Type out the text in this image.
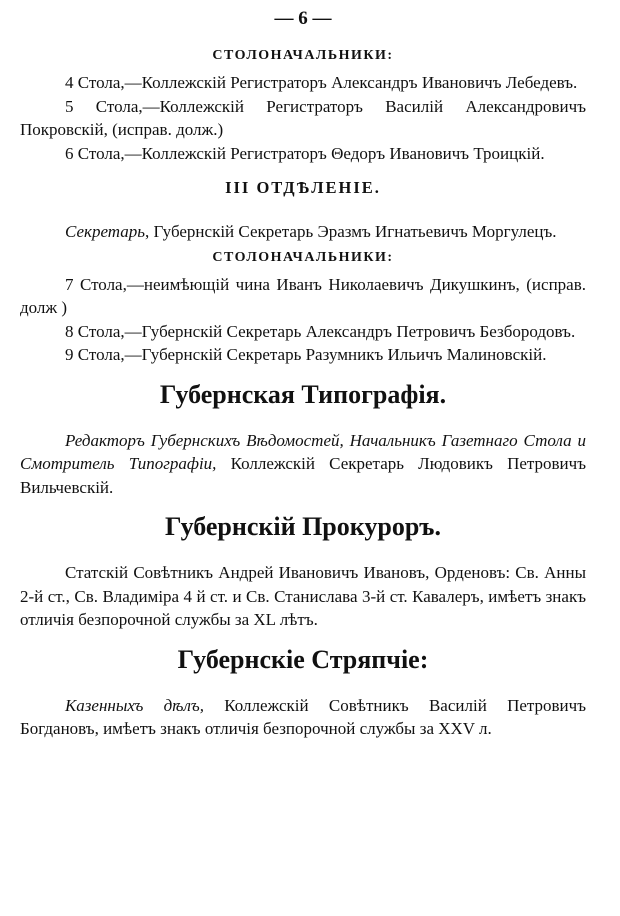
— 6 —
СТОЛОНАЧАЛЬНИКИ:

4 Стола,—Коллежскій Регистраторъ Александръ Ивановичъ Лебедевъ.

5 Стола,—Коллежскій Регистраторъ Василій Александровичъ Покровскій, (исправ. долж.)

6 Стола,—Коллежскій Регистраторъ Θедоръ Ивановичъ Троицкій.

III ОТДѢЛЕНІЕ.

Секретарь, Губернскій Секретарь Эразмъ Игнатьевичъ Моргулецъ.

СТОЛОНАЧАЛЬНИКИ:

7 Стола,—неимѣющій чина Иванъ Николаевичъ Дикушкинъ, (исправ. долж )

8 Стола,—Губернскій Секретарь Александръ Петровичъ Безбородовъ.

9 Стола,—Губернскій Секретарь Разумникъ Ильичъ Малиновскій.

Губернская Типографія.

Редакторъ Губернскихъ Вѣдомостей, Начальникъ Газетнаго Стола и Смотритель Типографіи, Коллежскій Секретарь Людовикъ Петровичъ Вильчевскій.

Губернскій Прокуроръ.

Статскій Совѣтникъ Андрей Ивановичъ Ивановъ, Орденовъ: Св. Анны 2-й ст., Св. Владиміра 4 й ст. и Св. Станислава 3-й ст. Кавалеръ, имѣетъ знакъ отличія безпорочной службы за XL лѣтъ.

Губернскіе Стряпчіе:

Казенныхъ дѣлъ, Коллежскій Совѣтникъ Василій Петровичъ Богдановъ, имѣетъ знакъ отличія безпорочной службы за XXV л.
